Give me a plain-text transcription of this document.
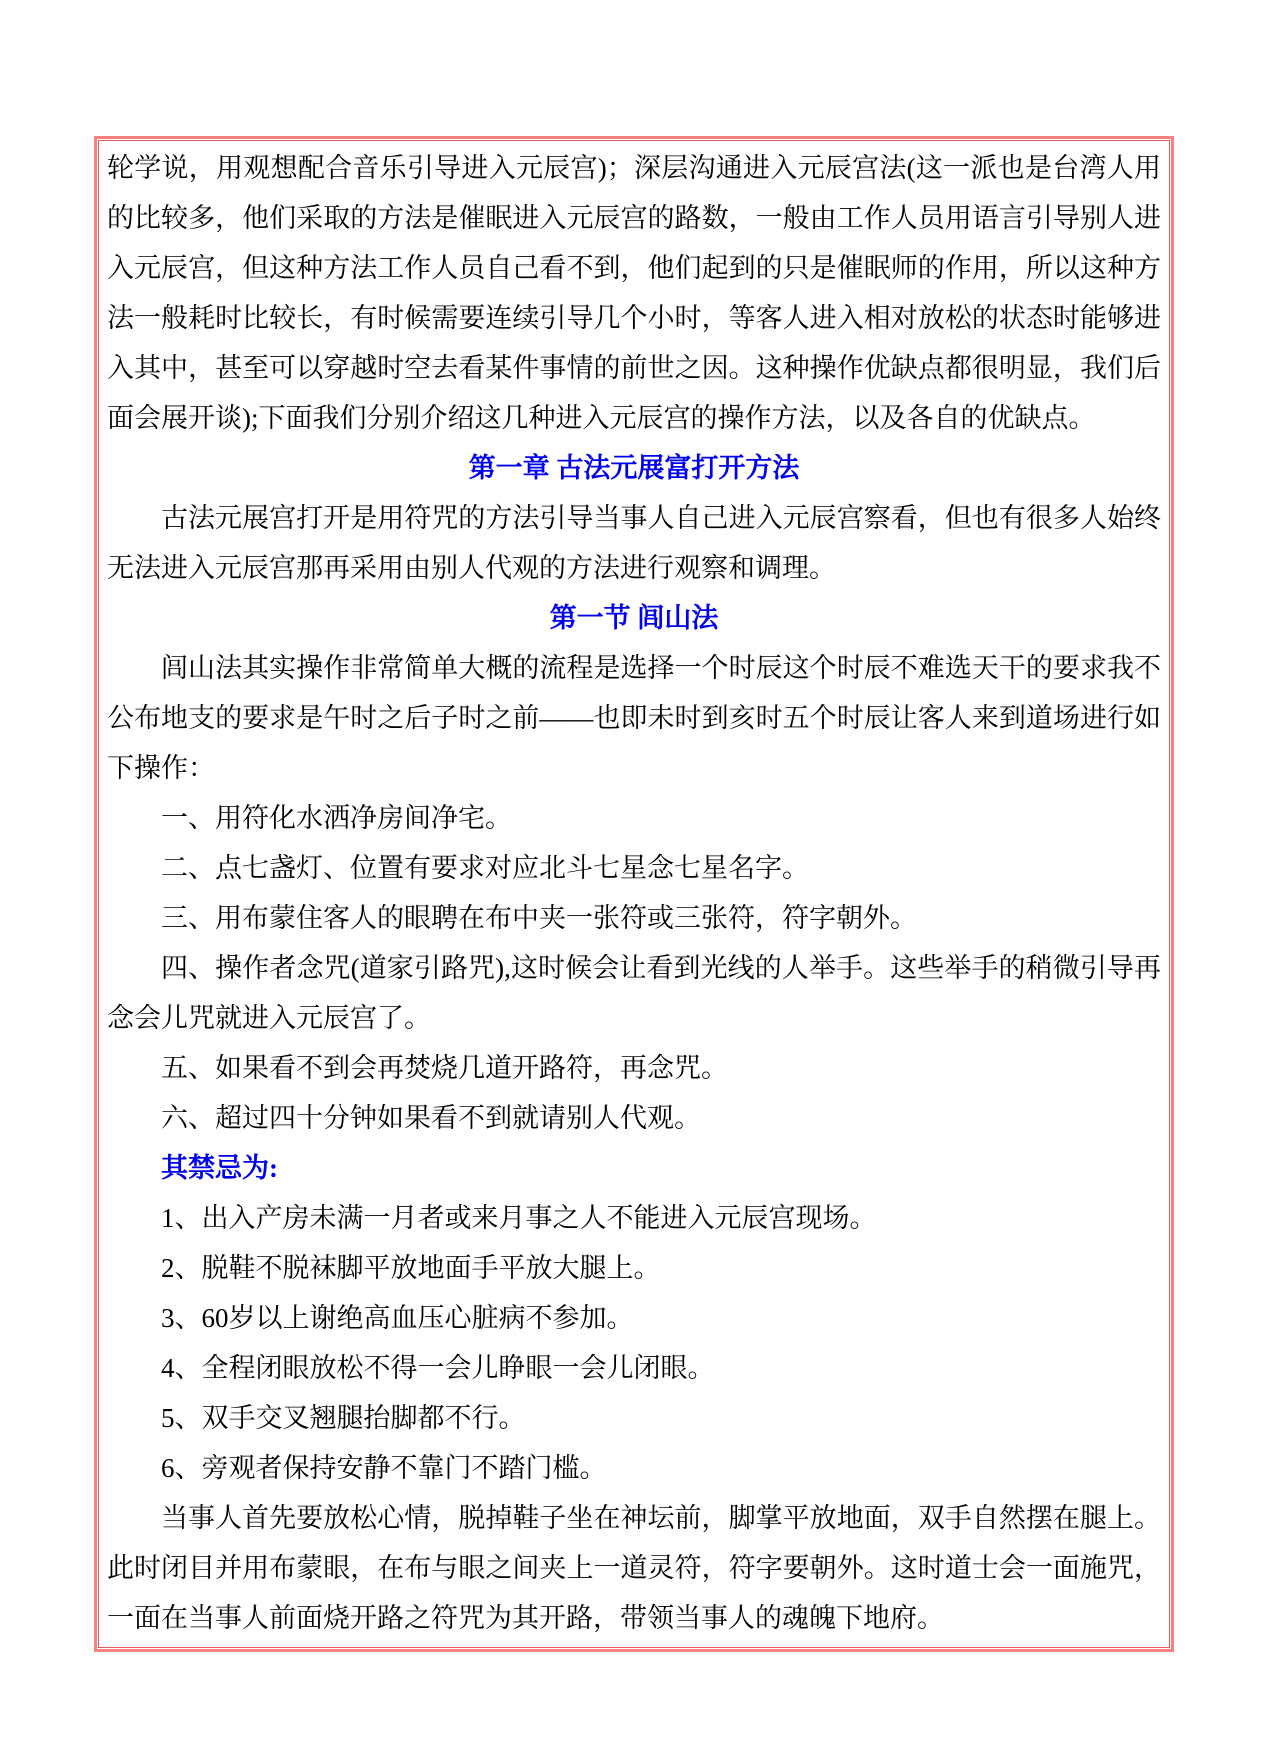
轮学说，用观想配合音乐引导进入元辰宫)；深层沟通进入元辰宫法(这一派也是台湾人用的比较多，他们采取的方法是催眠进入元辰宫的路数，一般由工作人员用语言引导别人进入元辰宫，但这种方法工作人员自己看不到，他们起到的只是催眠师的作用，所以这种方法一般耗时比较长，有时候需要连续引导几个小时，等客人进入相对放松的状态时能够进入其中，甚至可以穿越时空去看某件事情的前世之因。这种操作优缺点都很明显，我们后面会展开谈);下面我们分别介绍这几种进入元辰宫的操作方法，以及各自的优缺点。
第一章 古法元展富打开方法
古法元展宫打开是用符咒的方法引导当事人自己进入元辰宫察看，但也有很多人始终无法进入元辰宫那再采用由别人代观的方法进行观察和调理。
第一节 闾山法
闾山法其实操作非常简单大概的流程是选择一个时辰这个时辰不难选天干的要求我不公布地支的要求是午时之后子时之前——也即未时到亥时五个时辰让客人来到道场进行如下操作：
一、用符化水洒净房间净宅。
二、点七盏灯、位置有要求对应北斗七星念七星名字。
三、用布蒙住客人的眼聘在布中夹一张符或三张符，符字朝外。
四、操作者念咒(道家引路咒),这时候会让看到光线的人举手。这些举手的稍微引导再念会儿咒就进入元辰宫了。
五、如果看不到会再焚烧几道开路符，再念咒。
六、超过四十分钟如果看不到就请别人代观。
其禁忌为:
1、出入产房未满一月者或来月事之人不能进入元辰宫现场。
2、脱鞋不脱袜脚平放地面手平放大腿上。
3、60岁以上谢绝高血压心脏病不参加。
4、全程闭眼放松不得一会儿睁眼一会儿闭眼。
5、双手交叉翘腿抬脚都不行。
6、旁观者保持安静不靠门不踏门槛。
当事人首先要放松心情，脱掉鞋子坐在神坛前，脚掌平放地面，双手自然摆在腿上。此时闭目并用布蒙眼，在布与眼之间夹上一道灵符，符字要朝外。这时道士会一面施咒，一面在当事人前面烧开路之符咒为其开路，带领当事人的魂魄下地府。
